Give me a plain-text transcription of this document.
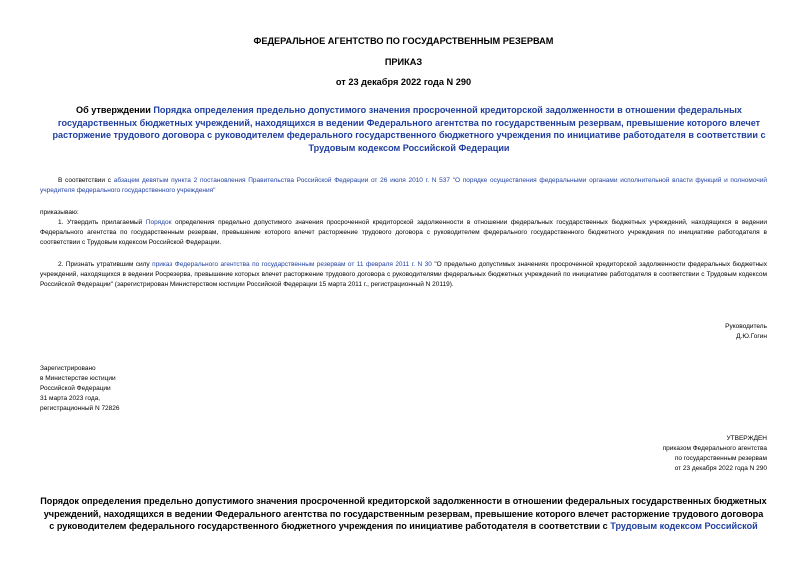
ФЕДЕРАЛЬНОЕ АГЕНТСТВО ПО ГОСУДАРСТВЕННЫМ РЕЗЕРВАМ
ПРИКАЗ
от 23 декабря 2022 года N 290
Об утверждении Порядка определения предельно допустимого значения просроченной кредиторской задолженности в отношении федеральных государственных бюджетных учреждений, находящихся в ведении Федерального агентства по государственным резервам, превышение которого влечет расторжение трудового договора с руководителем федерального государственного бюджетного учреждения по инициативе работодателя в соответствии с Трудовым кодексом Российской Федерации
В соответствии с абзацем девятым пункта 2 постановления Правительства Российской Федерации от 26 июля 2010 г. N 537 "О порядке осуществления федеральными органами исполнительной власти функций и полномочий учредителя федерального государственного учреждения"
приказываю:
1. Утвердить прилагаемый Порядок определения предельно допустимого значения просроченной кредиторской задолженности в отношении федеральных государственных бюджетных учреждений, находящихся в ведении Федерального агентства по государственным резервам, превышение которого влечет расторжение трудового договора с руководителем федерального государственного бюджетного учреждения по инициативе работодателя в соответствии с Трудовым кодексом Российской Федерации.
2. Признать утратившим силу приказ Федерального агентства по государственным резервам от 11 февраля 2011 г. N 30 "О предельно допустимых значениях просроченной кредиторской задолженности федеральных бюджетных учреждений, находящихся в ведении Росрезерва, превышение которых влечет расторжение трудового договора с руководителями федеральных бюджетных учреждений по инициативе работодателя в соответствии с Трудовым кодексом Российской Федерации" (зарегистрирован Министерством юстиции Российской Федерации 15 марта 2011 г., регистрационный N 20119).
Руководитель
Д.Ю.Гогин
Зарегистрировано
в Министерстве юстиции
Российской Федерации
31 марта 2023 года,
регистрационный N 72826
УТВЕРЖДЕН
приказом Федерального агентства
по государственным резервам
от 23 декабря 2022 года N 290
Порядок определения предельно допустимого значения просроченной кредиторской задолженности в отношении федеральных государственных бюджетных учреждений, находящихся в ведении Федерального агентства по государственным резервам, превышение которого влечет расторжение трудового договора с руководителем федерального государственного бюджетного учреждения по инициативе работодателя в соответствии с Трудовым кодексом Российской
